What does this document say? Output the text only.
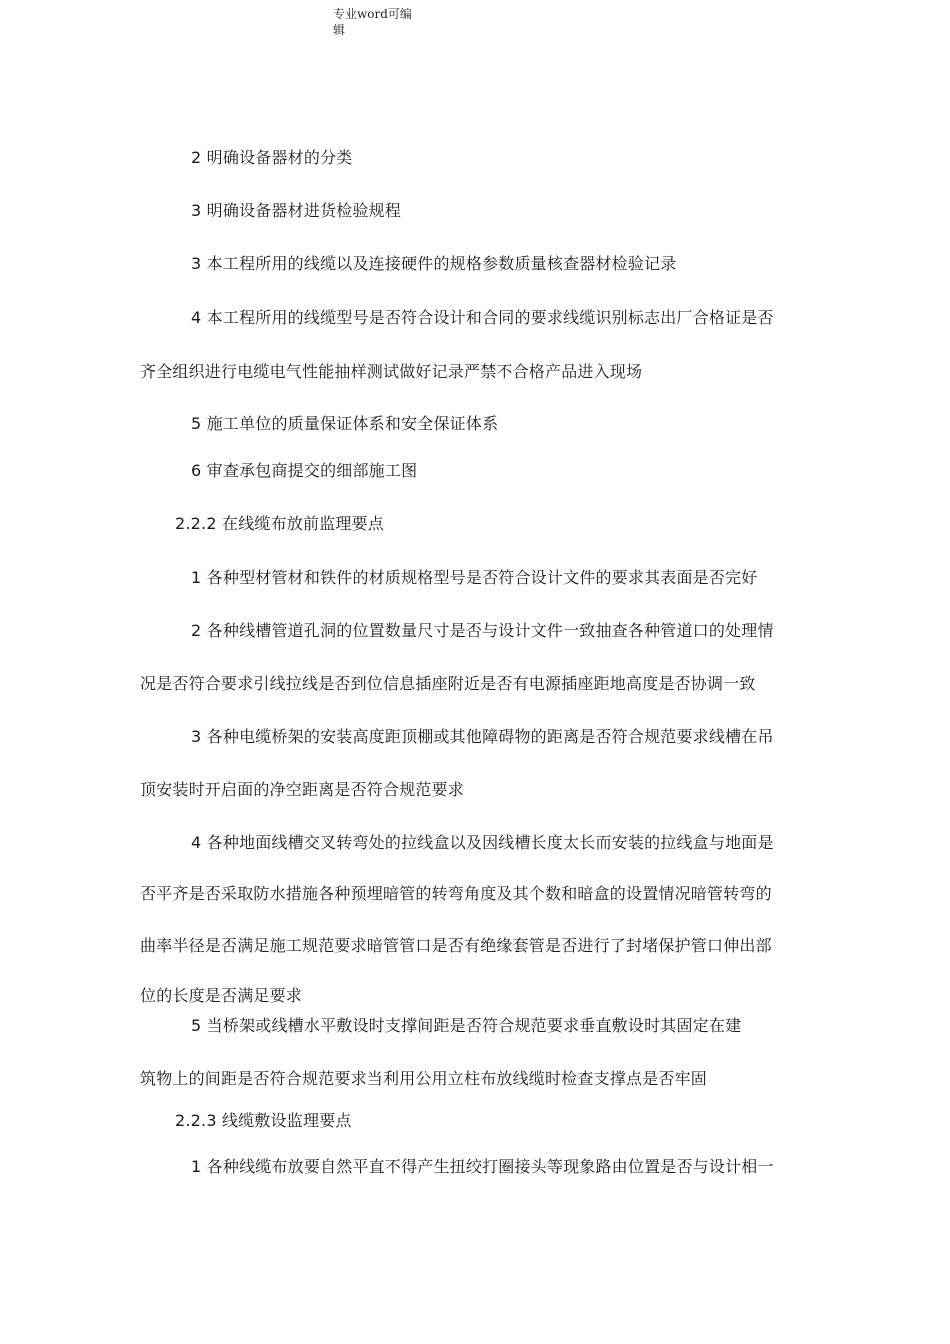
专业word可编
辑
2 明确设备器材的分类
3 明确设备器材进货检验规程
3 本工程所用的线缆以及连接硬件的规格参数质量核查器材检验记录
4 本工程所用的线缆型号是否符合设计和合同的要求线缆识别标志出厂合格证是否
齐全组织进行电缆电气性能抽样测试做好记录严禁不合格产品进入现场
5 施工单位的质量保证体系和安全保证体系
6 审查承包商提交的细部施工图
2.2.2 在线缆布放前监理要点
1 各种型材管材和铁件的材质规格型号是否符合设计文件的要求其表面是否完好
2 各种线槽管道孔洞的位置数量尺寸是否与设计文件一致抽查各种管道口的处理情
况是否符合要求引线拉线是否到位信息插座附近是否有电源插座距地高度是否协调一致
3 各种电缆桥架的安装高度距顶棚或其他障碍物的距离是否符合规范要求线槽在吊
顶安装时开启面的净空距离是否符合规范要求
4 各种地面线槽交叉转弯处的拉线盒以及因线槽长度太长而安装的拉线盒与地面是
否平齐是否采取防水措施各种预埋暗管的转弯角度及其个数和暗盒的设置情况暗管转弯的
曲率半径是否满足施工规范要求暗管管口是否有绝缘套管是否进行了封堵保护管口伸出部
位的长度是否满足要求
5 当桥架或线槽水平敷设时支撑间距是否符合规范要求垂直敷设时其固定在建
筑物上的间距是否符合规范要求当利用公用立柱布放线缆时检查支撑点是否牢固
2.2.3 线缆敷设监理要点
1 各种线缆布放要自然平直不得产生扭绞打圈接头等现象路由位置是否与设计相一
